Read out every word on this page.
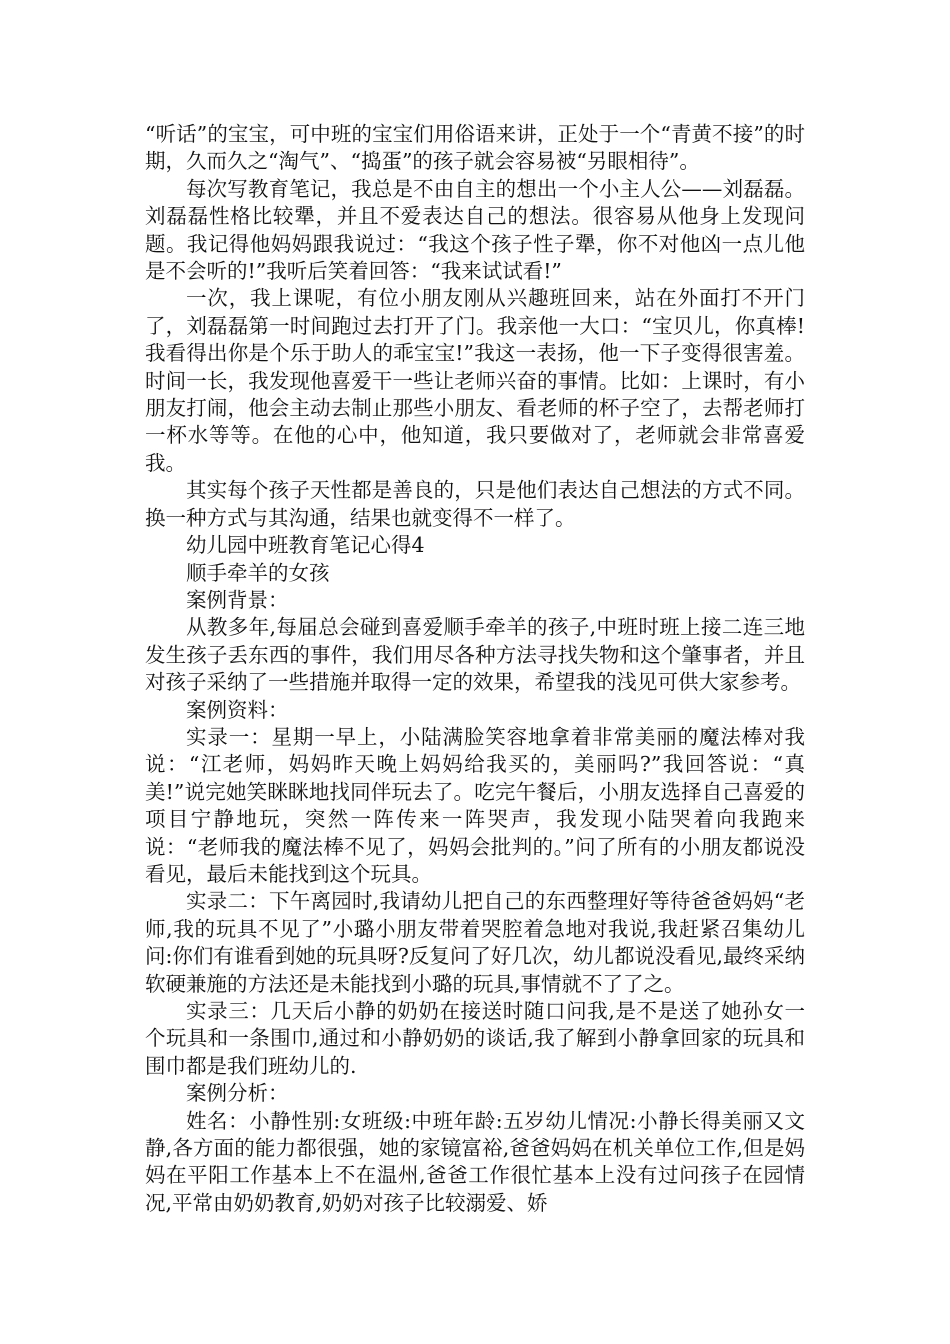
“听话”的宝宝，可中班的宝宝们用俗语来讲，正处于一个“青黄不接”的时期，久而久之“淘气”、“捣蛋”的孩子就会容易被“另眼相待”。

每次写教育笔记，我总是不由自主的想出一个小主人公——刘磊磊。刘磊磊性格比较犟，并且不爱表达自己的想法。很容易从他身上发现问题。我记得他妈妈跟我说过：“我这个孩子性子犟，你不对他凶一点儿他是不会听的!”我听后笑着回答：“我来试试看!”

一次，我上课呢，有位小朋友刚从兴趣班回来，站在外面打不开门了，刘磊磊第一时间跑过去打开了门。我亲他一大口：“宝贝儿，你真棒!我看得出你是个乐于助人的乖宝宝!”我这一表扬，他一下子变得很害羞。时间一长，我发现他喜爱干一些让老师兴奋的事情。比如：上课时，有小朋友打闹，他会主动去制止那些小朋友、看老师的杯子空了，去帮老师打一杯水等等。在他的心中，他知道，我只要做对了，老师就会非常喜爱我。

其实每个孩子天性都是善良的，只是他们表达自己想法的方式不同。换一种方式与其沟通，结果也就变得不一样了。

幼儿园中班教育笔记心得4

顺手牵羊的女孩

案例背景：

从教多年,每届总会碰到喜爱顺手牵羊的孩子,中班时班上接二连三地发生孩子丢东西的事件，我们用尽各种方法寻找失物和这个肇事者，并且对孩子采纳了一些措施并取得一定的效果，希望我的浅见可供大家参考。

案例资料：

实录一：星期一早上，小陆满脸笑容地拿着非常美丽的魔法棒对我说：“江老师，妈妈昨天晚上妈妈给我买的，美丽吗?”我回答说：“真美!”说完她笑眯眯地找同伴玩去了。吃完午餐后，小朋友选择自己喜爱的项目宁静地玩，突然一阵传来一阵哭声，我发现小陆哭着向我跑来说：“老师我的魔法棒不见了，妈妈会批判的。”问了所有的小朋友都说没看见，最后未能找到这个玩具。

实录二：下午离园时,我请幼儿把自己的东西整理好等待爸爸妈妈“老师,我的玩具不见了”小璐小朋友带着哭腔着急地对我说,我赶紧召集幼儿问:你们有谁看到她的玩具呀?反复问了好几次，幼儿都说没看见,最终采纳软硬兼施的方法还是未能找到小璐的玩具,事情就不了了之。

实录三：几天后小静的奶奶在接送时随口问我,是不是送了她孙女一个玩具和一条围巾,通过和小静奶奶的谈话,我了解到小静拿回家的玩具和围巾都是我们班幼儿的.

案例分析：

姓名：小静性别:女班级:中班年龄:五岁幼儿情况:小静长得美丽又文静,各方面的能力都很强，她的家镜富裕,爸爸妈妈在机关单位工作,但是妈妈在平阳工作基本上不在温州,爸爸工作很忙基本上没有过问孩子在园情况,平常由奶奶教育,奶奶对孩子比较溺爱、娇
